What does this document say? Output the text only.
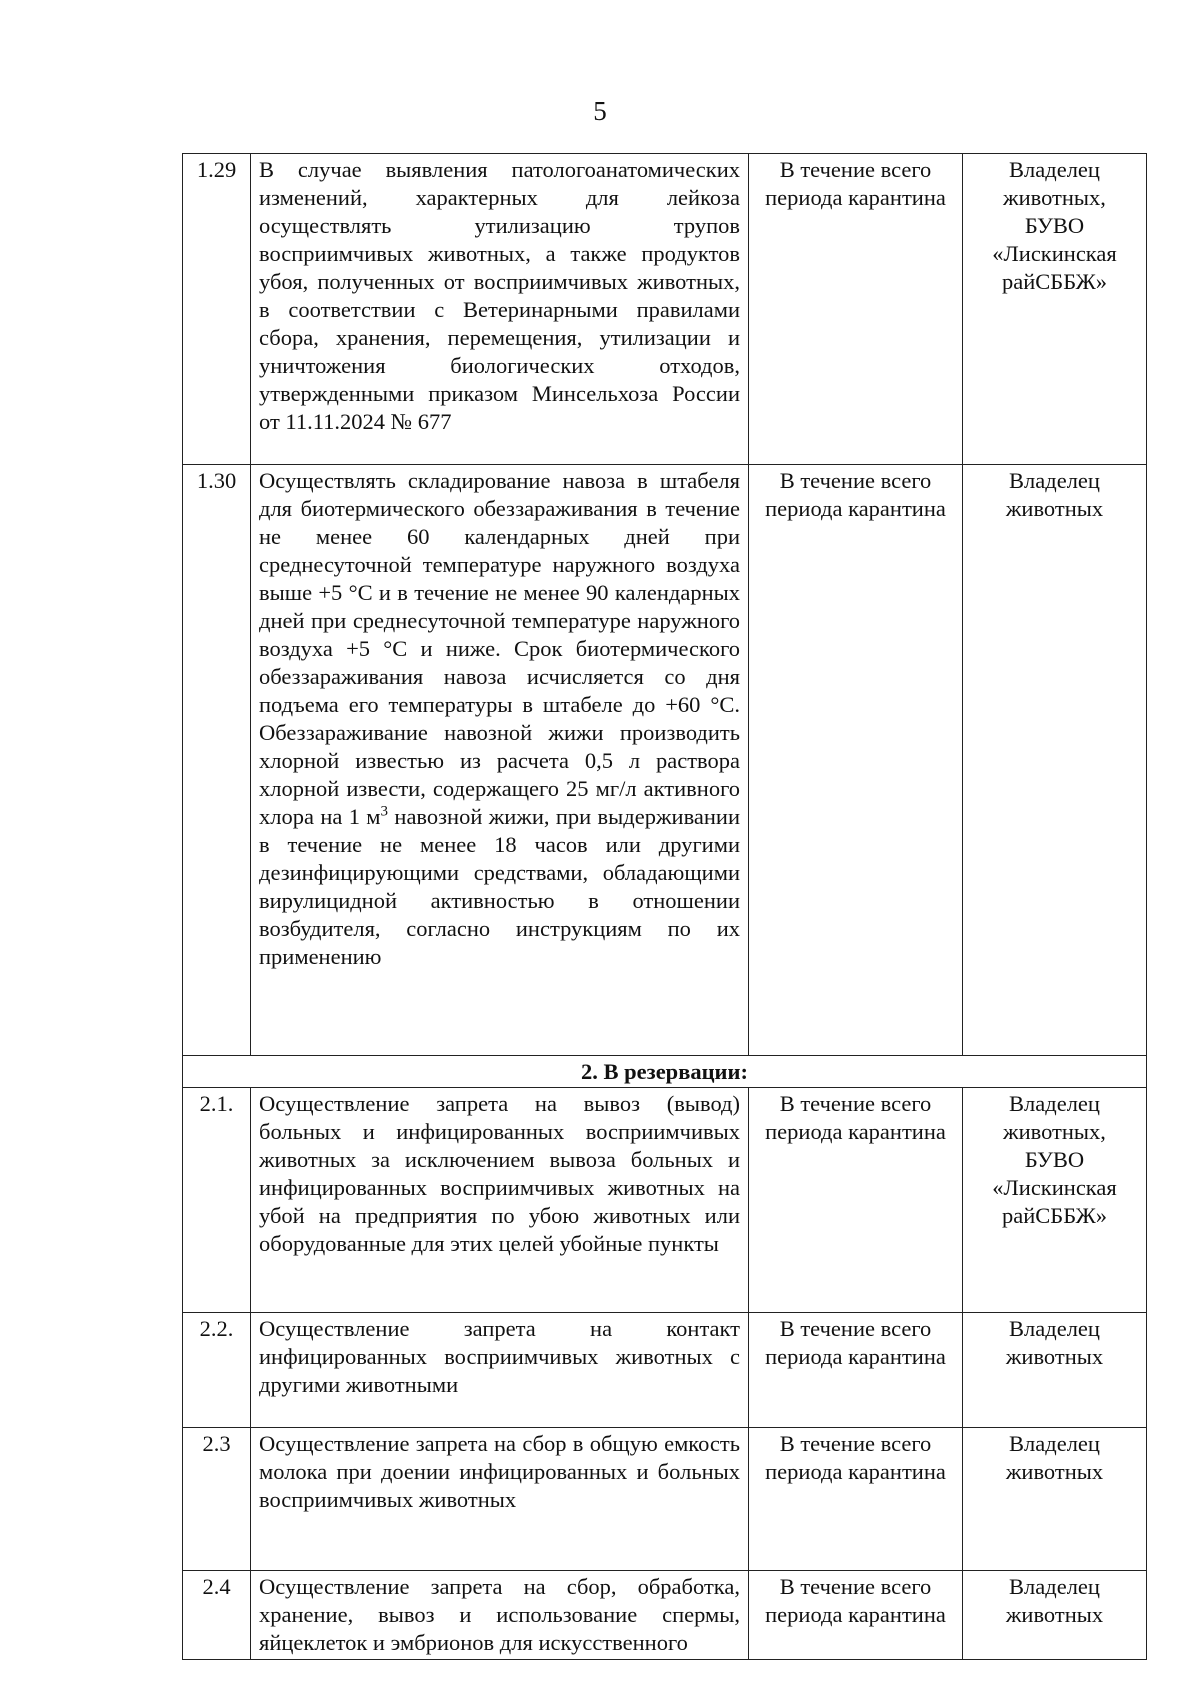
5
1.29	В случае выявления патологоанатомических изменений, характерных для лейкоза осуществлять утилизацию трупов восприимчивых животных, а также продуктов убоя, полученных от восприимчивых животных, в соответствии с Ветеринарными правилами сбора, хранения, перемещения, утилизации и уничтожения биологических отходов, утвержденными приказом Минсельхоза России от 11.11.2024 № 677	В течение всего периода карантина	Владелец животных, БУВО «Лискинская райСББЖ»
1.30	Осуществлять складирование навоза в штабеля для биотермического обеззараживания в течение не менее 60 календарных дней при среднесуточной температуре наружного воздуха выше +5 °С и в течение не менее 90 календарных дней при среднесуточной температуре наружного воздуха +5 °С и ниже. Срок биотермического обеззараживания навоза исчисляется со дня подъема его температуры в штабеле до +60 °С. Обеззараживание навозной жижи производить хлорной известью из расчета 0,5 л раствора хлорной извести, содержащего 25 мг/л активного хлора на 1 $м^3$ навозной жижи, при выдерживании в течение не менее 18 часов или другими дезинфицирующими средствами, обладающими вирулицидной активностью в отношении возбудителя, согласно инструкциям по их применению	В течение всего периода карантина	Владелец животных
2. В резервации:			
2.1.	Осуществление запрета на вывоз (вывод) больных и инфицированных восприимчивых животных за исключением вывоза больных и инфицированных восприимчивых животных на убой на предприятия по убою животных или оборудованные для этих целей убойные пункты	В течение всего периода карантина	Владелец животных, БУВО «Лискинская райСББЖ»
2.2.	Осуществление запрета на контакт инфицированных восприимчивых животных с другими животными	В течение всего периода карантина	Владелец животных
2.3	Осуществление запрета на сбор в общую емкость молока при доении инфицированных и больных восприимчивых животных	В течение всего периода карантина	Владелец животных
2.4	Осуществление запрета на сбор, обработка, хранение, вывоз и использование спермы, яйцеклеток и эмбрионов для искусственного	В течение всего периода карантина	Владелец животных
